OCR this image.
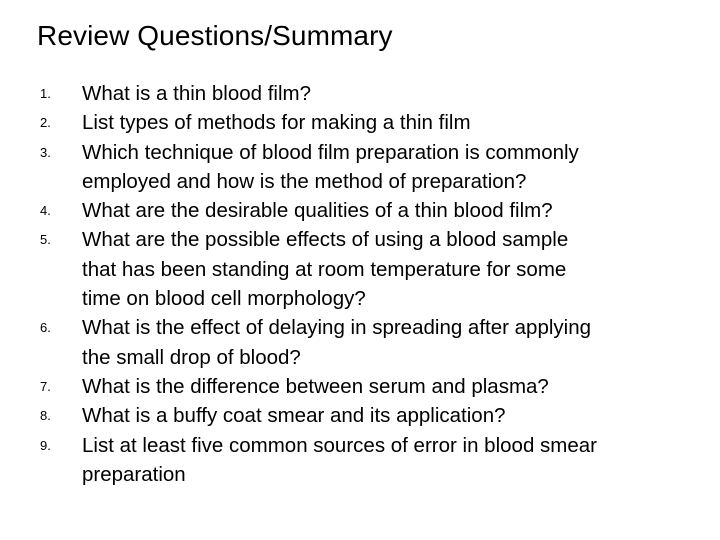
Review Questions/Summary
1.	What is a thin blood film?
2.	List types of methods for making a thin film
3.	Which technique of blood film preparation is commonly
employed and how is the method of preparation?
4.	What are the desirable qualities of a thin blood film?
5.	What are the possible effects of using a blood sample
that has been standing at room temperature for some
time on blood cell morphology?
6.	What is the effect of delaying in spreading after applying
the small drop of blood?
7.	What is the difference between serum and plasma?
8.	What is a buffy coat smear and its application?
9.	List at least five common sources of error in blood smear
preparation
